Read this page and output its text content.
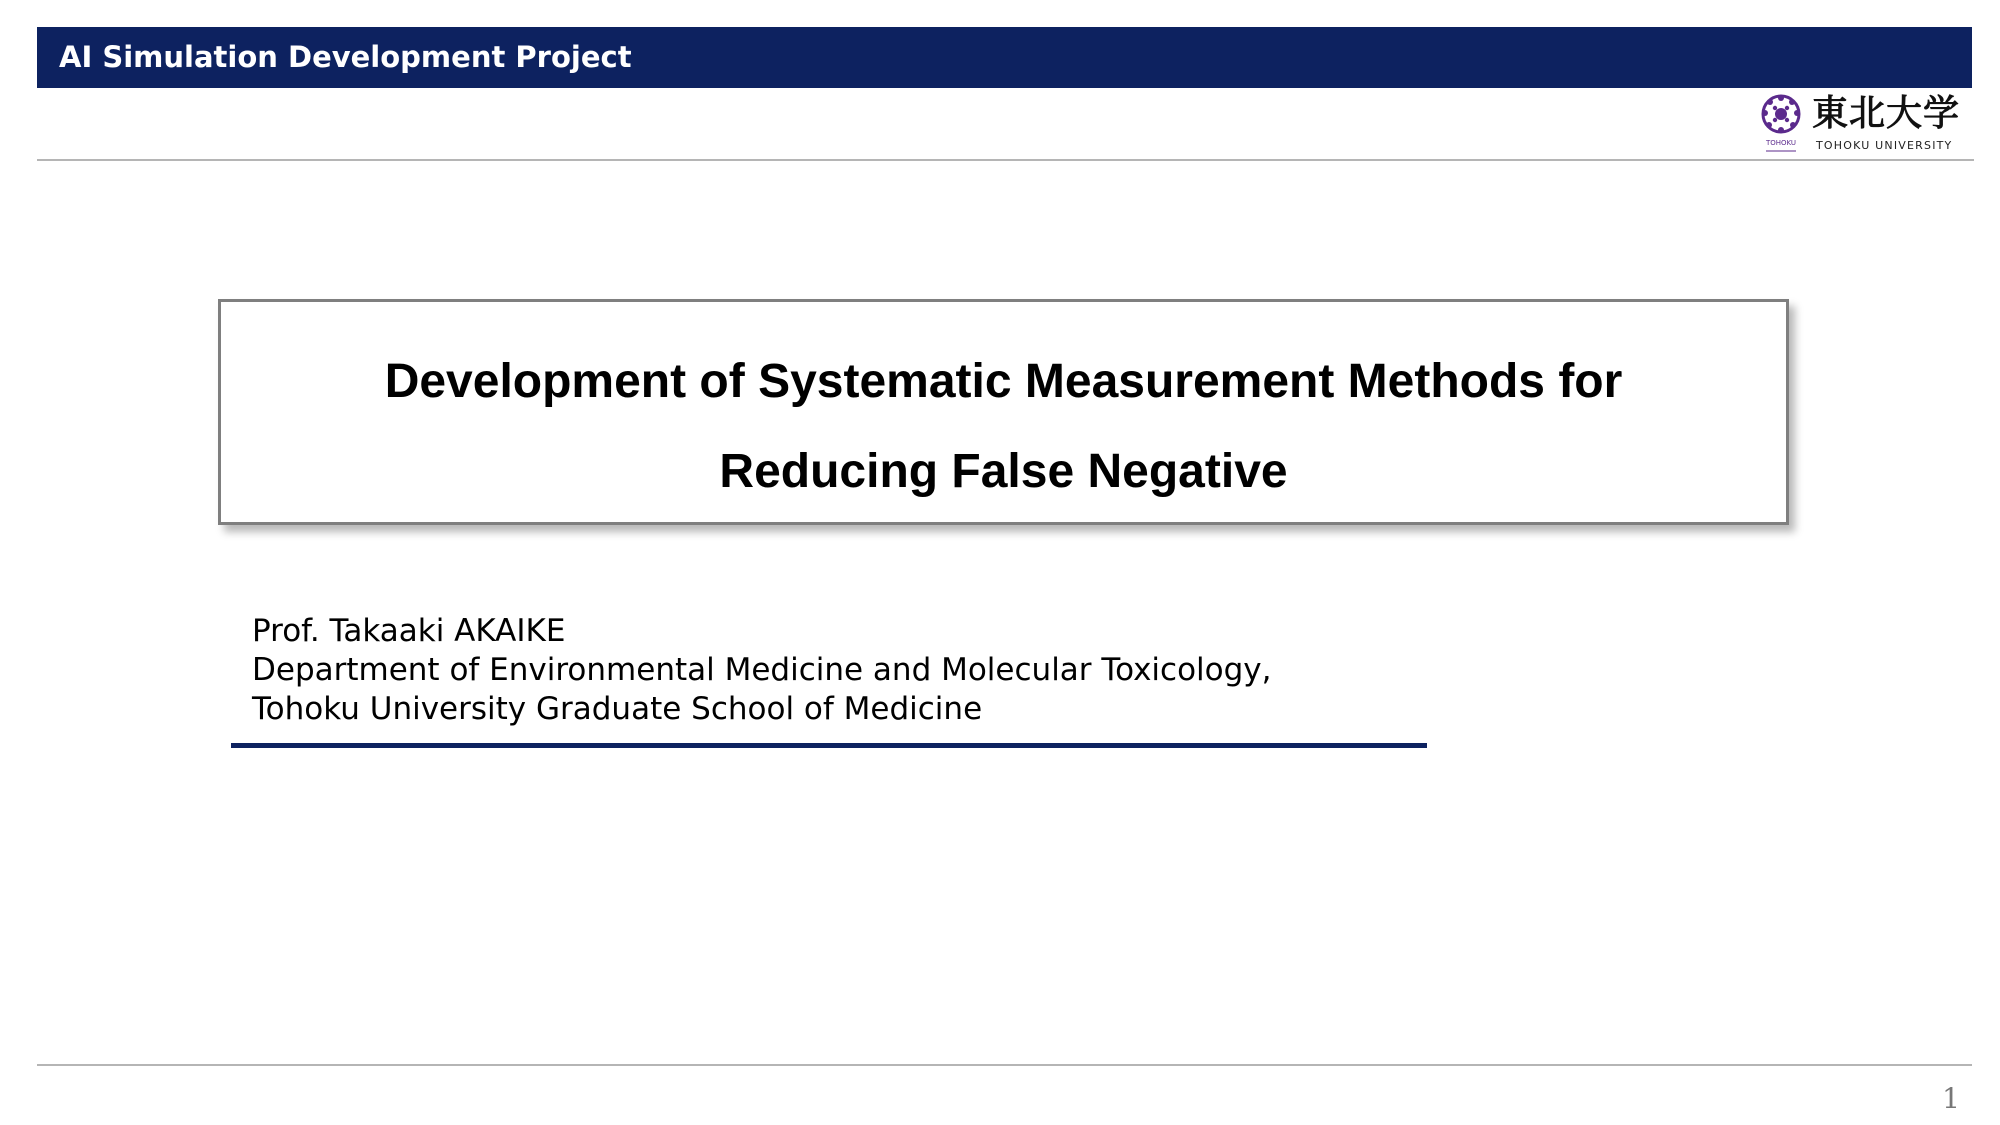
AI Simulation Development Project
TOHOKU
東北大学
TOHOKU UNIVERSITY
Development of Systematic Measurement Methods for
Reducing False Negative
Prof. Takaaki AKAIKE
Department of Environmental Medicine and Molecular Toxicology,
Tohoku University Graduate School of Medicine
1
